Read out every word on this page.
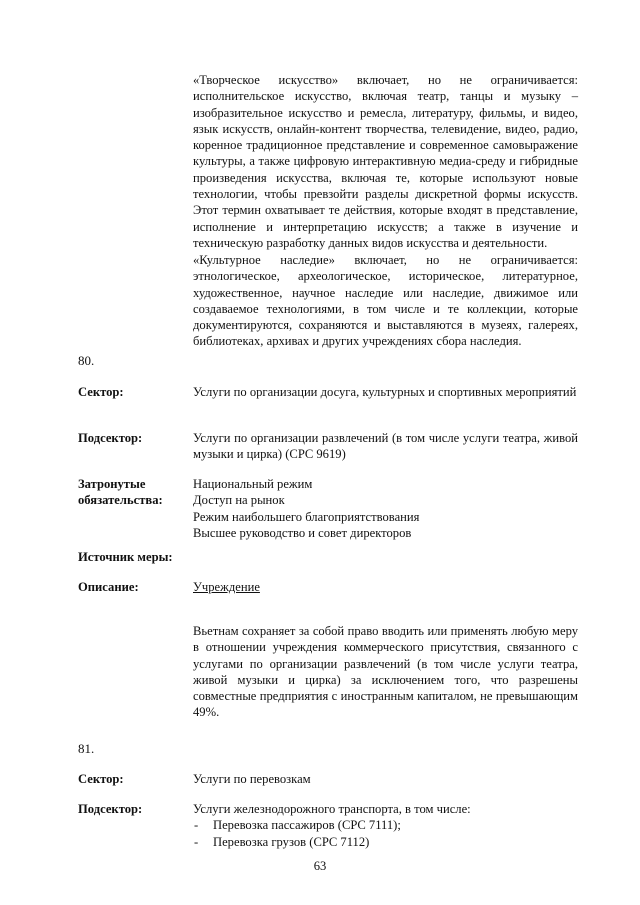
«Творческое искусство» включает, но не ограничивается: исполнительское искусство, включая театр, танцы и музыку – изобразительное искусство и ремесла, литературу, фильмы, и видео, язык искусств, онлайн-контент творчества, телевидение, видео, радио, коренное традиционное представление и современное самовыражение культуры, а также цифровую интерактивную медиа-среду и гибридные произведения искусства, включая те, которые используют новые технологии, чтобы превзойти разделы дискретной формы искусств. Этот термин охватывает те действия, которые входят в представление, исполнение и интерпретацию искусств; а также в изучение и техническую разработку данных видов искусства и деятельности.
«Культурное наследие» включает, но не ограничивается: этнологическое, археологическое, историческое, литературное, художественное, научное наследие или наследие, движимое или создаваемое технологиями, в том числе и те коллекции, которые документируются, сохраняются и выставляются в музеях, галереях, библиотеках, архивах и других учреждениях сбора наследия.
80.
Сектор:	Услуги по организации досуга, культурных и спортивных мероприятий
Подсектор:	Услуги по организации развлечений (в том числе услуги театра, живой музыки и цирка) (CPC 9619)
Затронутые обязательства:
Национальный режим
Доступ на рынок
Режим наибольшего благоприятствования
Высшее руководство и совет директоров
Источник меры:
Описание:	Учреждение
Вьетнам сохраняет за собой право вводить или применять любую меру в отношении учреждения коммерческого присутствия, связанного с услугами по организации развлечений (в том числе услуги театра, живой музыки и цирка) за исключением того, что разрешены совместные предприятия с иностранным капиталом, не превышающим 49%.
81.
Сектор:	Услуги по перевозкам
Подсектор:	Услуги железнодорожного транспорта, в том числе:
- Перевозка пассажиров (CPC 7111);
- Перевозка грузов (CPC 7112)
63
